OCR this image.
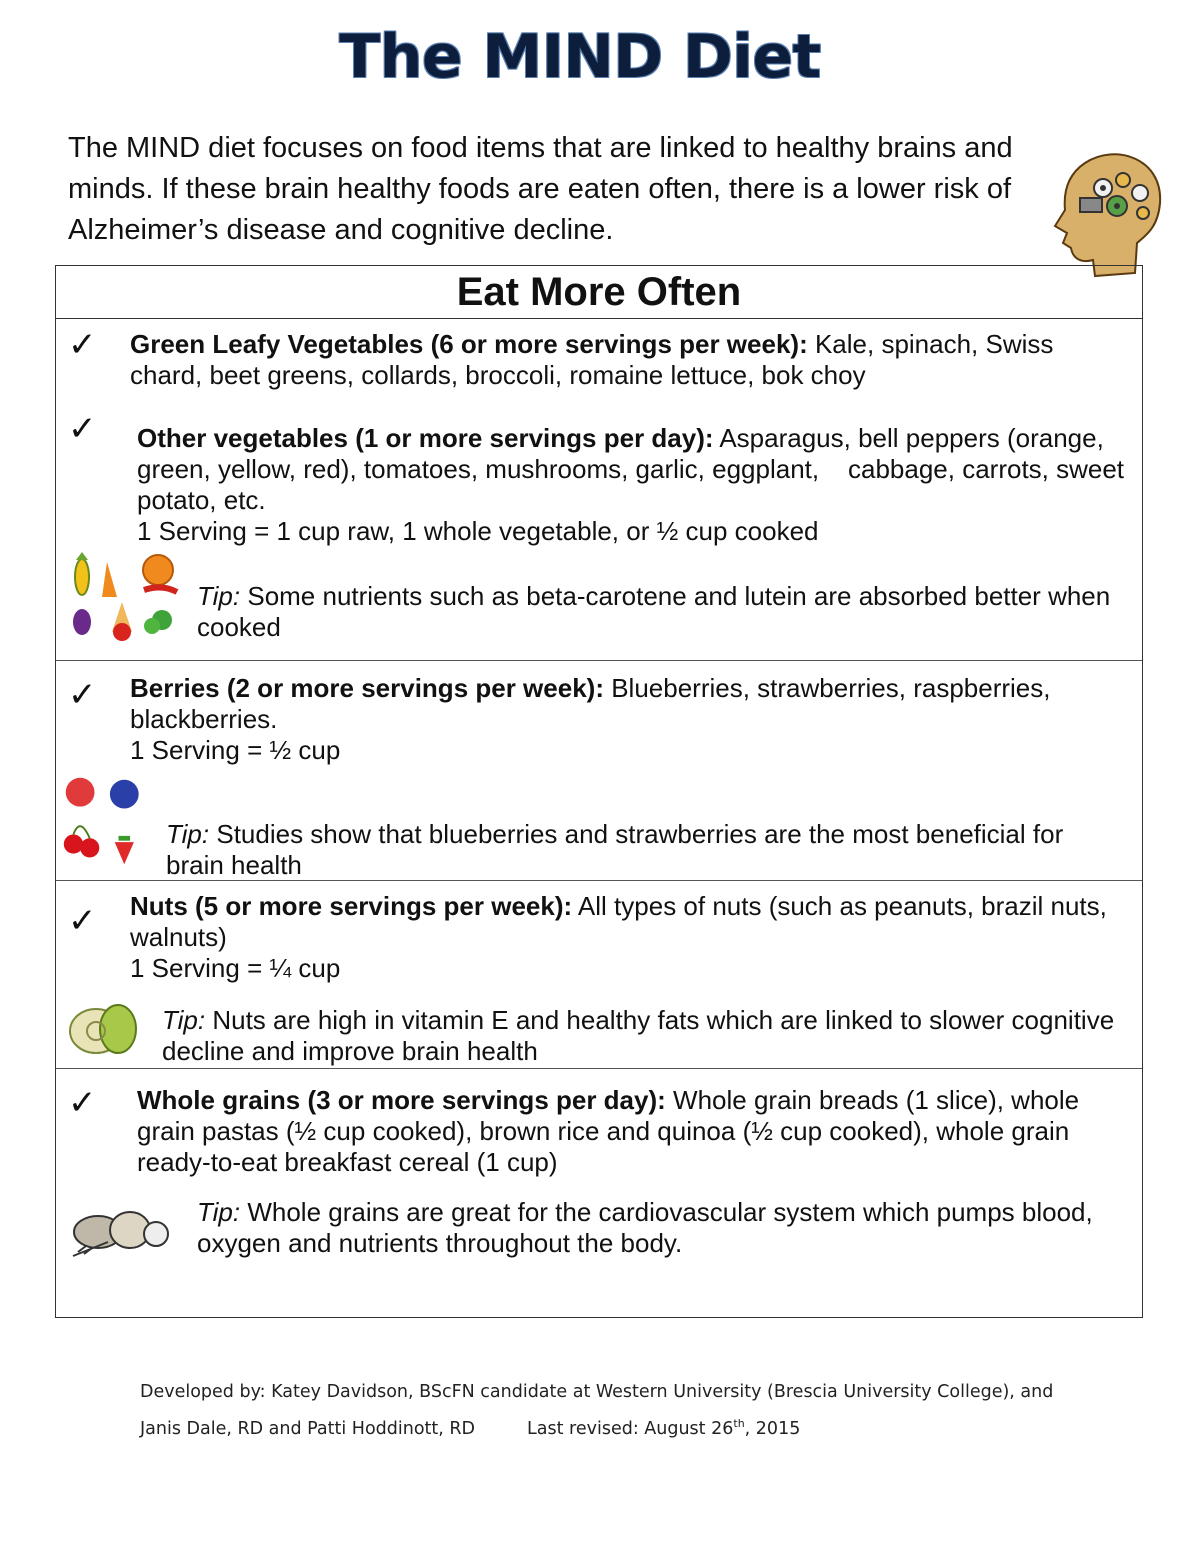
The MIND Diet
The MIND diet focuses on food items that are linked to healthy brains and minds. If these brain healthy foods are eaten often, there is a lower risk of Alzheimer’s disease and cognitive decline.
Eat More Often
✓ Green Leafy Vegetables (6 or more servings per week): Kale, spinach, Swiss chard, beet greens, collards, broccoli, romaine lettuce, bok choy
✓ Other vegetables (1 or more servings per day): Asparagus, bell peppers (orange, green, yellow, red), tomatoes, mushrooms, garlic, eggplant,    cabbage, carrots, sweet potato, etc.
1 Serving = 1 cup raw, 1 whole vegetable, or ½ cup cooked
Tip: Some nutrients such as beta-carotene and lutein are absorbed better when cooked
✓ Berries (2 or more servings per week): Blueberries, strawberries, raspberries, blackberries.
1 Serving = ½ cup
Tip: Studies show that blueberries and strawberries are the most beneficial for brain health
✓ Nuts (5 or more servings per week): All types of nuts (such as peanuts, brazil nuts, walnuts)
1 Serving = ¼ cup
Tip: Nuts are high in vitamin E and healthy fats which are linked to slower cognitive decline and improve brain health
✓ Whole grains (3 or more servings per day): Whole grain breads (1 slice), whole grain pastas (½ cup cooked), brown rice and quinoa (½ cup cooked), whole grain ready-to-eat breakfast cereal (1 cup)
Tip: Whole grains are great for the cardiovascular system which pumps blood, oxygen and nutrients throughout the body.
Developed by: Katey Davidson, BScFN candidate at Western University (Brescia University College), and
Janis Dale, RD and Patti Hoddinott, RD	Last revised: August 26th, 2015
